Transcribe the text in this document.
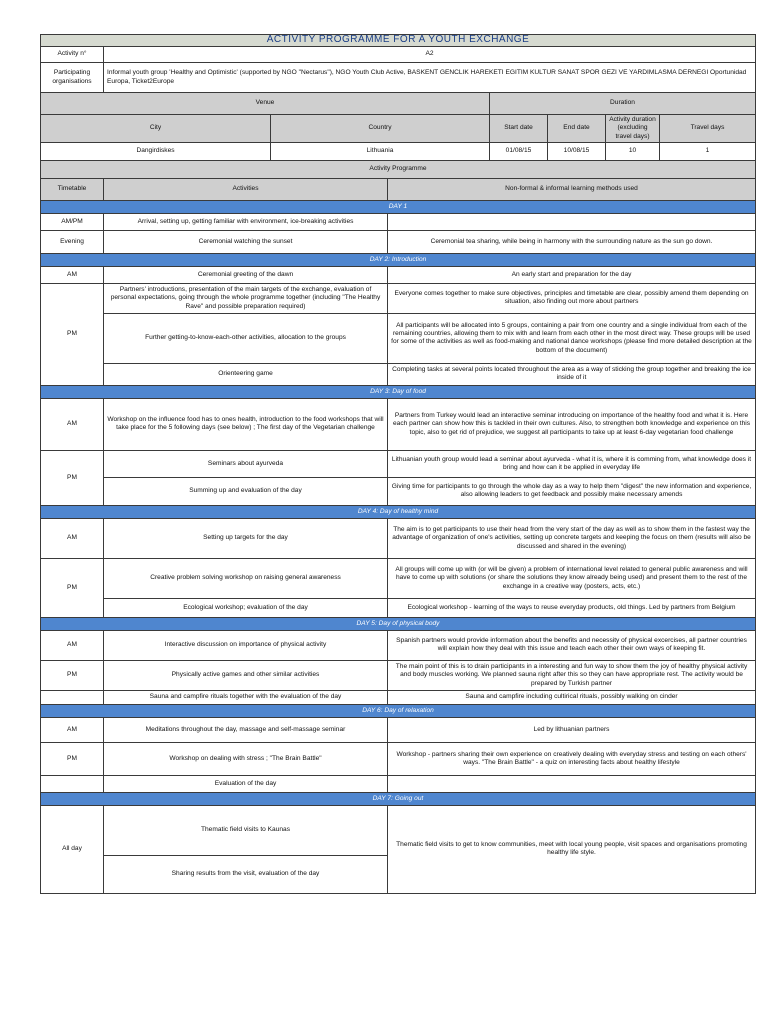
ACTIVITY PROGRAMME FOR A YOUTH EXCHANGE							
Activity n°	A2						
Participating organisations	Informal youth group 'Healthy and Optimistic' (supported by NGO "Nectarus"), NGO Youth Club Active, BASKENT GENCLIK HAREKETI EGITIM KULTUR SANAT SPOR GEZI VE YARDIMLASMA DERNEGI Oportunidad Europa, Ticket2Europe						
Venue				Duration			
City		Country		Start date	End date	Activity duration (excluding travel days)	Travel days
Dangirdiskes		Lithuania		01/08/15	10/08/15	10	1
Activity Programme							
Timetable	Activities		Non-formal & informal learning methods used				
DAY 1							
AM/PM	Arrival, setting up, getting familiar with environment, ice-breaking activities						
Evening	Ceremonial watching the sunset		Ceremonial tea sharing, while being in harmony with the surrounding nature as the sun go down.				
DAY 2: Introduction							
AM	Ceremonial greeting of the dawn		An early start and preparation for the day				
PM	Partners' introductions, presentation of the main targets of the exchange, evaluation of personal expectations, going through the whole programme together (including "The Healthy Rave" and possible preparation required)		Everyone comes together to make sure objectives, principles and timetable are clear, possibly amend them depending on situation, also finding out more about partners				
	Further getting-to-know-each-other activities, allocation to the groups		All participants will be allocated into 5 groups, containing a pair from one country and a single individual from each of the remaining countries, allowing them to mix with and learn from each other in the most direct way. These groups will be used for some of the activities as well as food-making and national dance workshops (please find more detailed description at the bottom of the document)				
	Orienteering game		Completing tasks at several points located throughout the area as a way of sticking the group together and breaking the ice inside of it				
DAY 3: Day of food							
AM	Workshop on the influence food has to ones health, introduction to the food workshops that will take place for the 5 following days (see below) ; The first day of the Vegetarian challenge		Partners from Turkey would lead an interactive seminar introducing on importance of the healthy food and what it is. Here each partner can show how this is tackled in their own cultures. Also, to strengthen both knowledge and experience on this topic, also to get rid of prejudice, we suggest all participants to take up at least 6-day vegetarian food challenge				
PM	Seminars about ayurveda		Lithuanian youth group would lead a seminar about ayurveda - what it is, where it is comming from, what knowledge does it bring and how can it be applied in everyday life				
	Summing up and evaluation of the day		Giving time for participants to go through the whole day as a way to help them "digest" the new information and experience, also allowing leaders to get feedback and possibly make necessary amends				
DAY 4: Day of healthy mind							
AM	Setting up targets for the day		The aim is to get participants to use their head from the very start of the day as well as to show them in the fastest way the advantage of organization of one's activities, setting up concrete targets and keeping the focus on them (results will also be discussed and shared in the evening)				
PM	Creative problem solving workshop on raising general awareness		All groups will come up with (or will be given) a problem of international level related to general public awareness and will have to come up with solutions (or share the solutions they know already being used) and present them to the rest of the exchange in a creative way (posters, acts, etc.)				
	Ecological workshop; evaluation of the day		Ecological workshop - learning of the ways to reuse everyday products, old things. Led by partners from Belgium				
DAY 5: Day of physical body							
AM	Interactive discussion on importance of physical activity		Spanish partners would provide information about the benefits and necessity of physical excercises, all partner countries will explain how they deal with this issue and teach each other their own ways of keeping fit.				
PM	Physically active games and other similar activities		The main point of this is to drain participants in a interesting and fun way to show them the joy of healthy physical activity and body muscles working. We planned sauna right after this so they can have appropriate rest. The activity would be prepared by Turkish partner				
	Sauna and campfire rituals together with the evaluation of the day		Sauna and campfire including cultirical rituals, possibly walking on cinder				
DAY 6: Day of relaxation							
AM	Meditations throughout the day, massage and self-massage seminar		Led by lithuanian partners				
PM	Workshop on dealing with stress ; "The Brain Battle"		Workshop - partners sharing their own experience on creatively dealing with everyday stress and testing on each others' ways. "The Brain Battle" - a quiz on interesting facts about healthy lifestyle				
	Evaluation of the day						
DAY 7: Going out							
All day	Thematic field visits to Kaunas		Thematic field visits to get to know communities, meet with local young people, visit spaces and organisations promoting healthy life style.				
	Sharing results from the visit, evaluation of the day						
